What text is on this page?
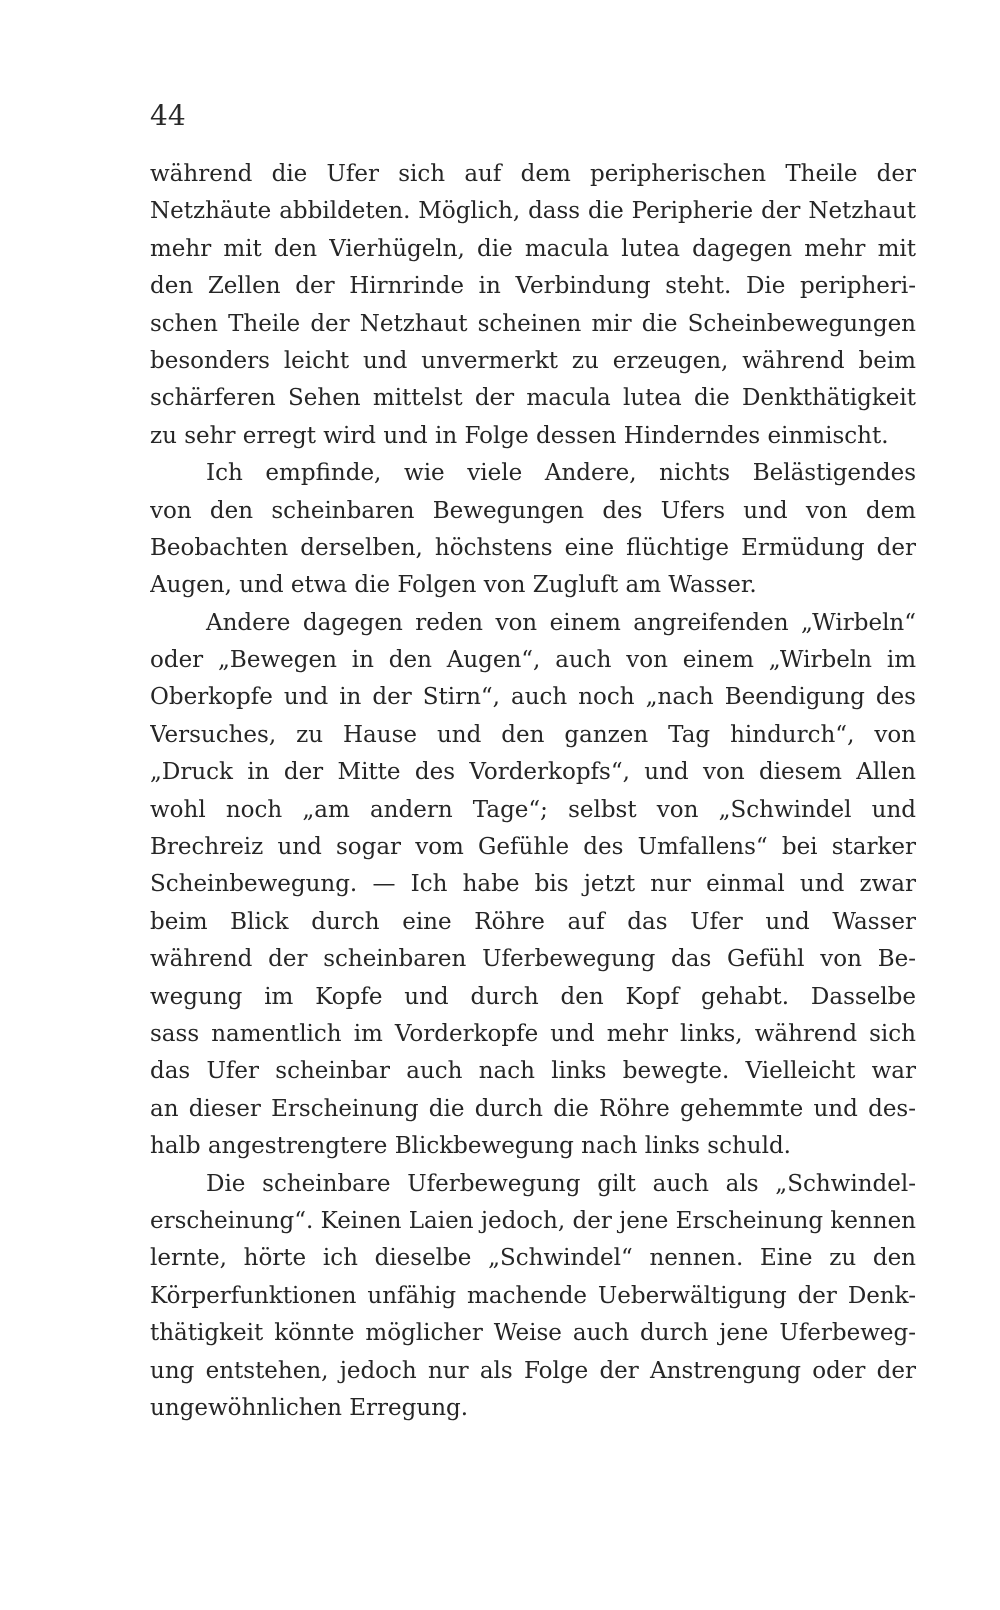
44
während die Ufer sich auf dem peripherischen Theile der
Netzhäute abbildeten. Möglich, dass die Peripherie der Netzhaut
mehr mit den Vierhügeln, die macula lutea dagegen mehr mit
den Zellen der Hirnrinde in Verbindung steht. Die peripheri-
schen Theile der Netzhaut scheinen mir die Scheinbewegungen
besonders leicht und unvermerkt zu erzeugen, während beim
schärferen Sehen mittelst der macula lutea die Denkthätigkeit
zu sehr erregt wird und in Folge dessen Hinderndes einmischt.
Ich empfinde, wie viele Andere, nichts Belästigendes
von den scheinbaren Bewegungen des Ufers und von dem
Beobachten derselben, höchstens eine flüchtige Ermüdung der
Augen, und etwa die Folgen von Zugluft am Wasser.
Andere dagegen reden von einem angreifenden „Wirbeln“
oder „Bewegen in den Augen“, auch von einem „Wirbeln im
Oberkopfe und in der Stirn“, auch noch „nach Beendigung des
Versuches, zu Hause und den ganzen Tag hindurch“, von
„Druck in der Mitte des Vorderkopfs“, und von diesem Allen
wohl noch „am andern Tage“; selbst von „Schwindel und
Brechreiz und sogar vom Gefühle des Umfallens“ bei starker
Scheinbewegung. — Ich habe bis jetzt nur einmal und zwar
beim Blick durch eine Röhre auf das Ufer und Wasser
während der scheinbaren Uferbewegung das Gefühl von Be-
wegung im Kopfe und durch den Kopf gehabt. Dasselbe
sass namentlich im Vorderkopfe und mehr links, während sich
das Ufer scheinbar auch nach links bewegte. Vielleicht war
an dieser Erscheinung die durch die Röhre gehemmte und des-
halb angestrengtere Blickbewegung nach links schuld.
Die scheinbare Uferbewegung gilt auch als „Schwindel-
erscheinung“. Keinen Laien jedoch, der jene Erscheinung kennen
lernte, hörte ich dieselbe „Schwindel“ nennen. Eine zu den
Körperfunktionen unfähig machende Ueberwältigung der Denk-
thätigkeit könnte möglicher Weise auch durch jene Uferbeweg-
ung entstehen, jedoch nur als Folge der Anstrengung oder der
ungewöhnlichen Erregung.
